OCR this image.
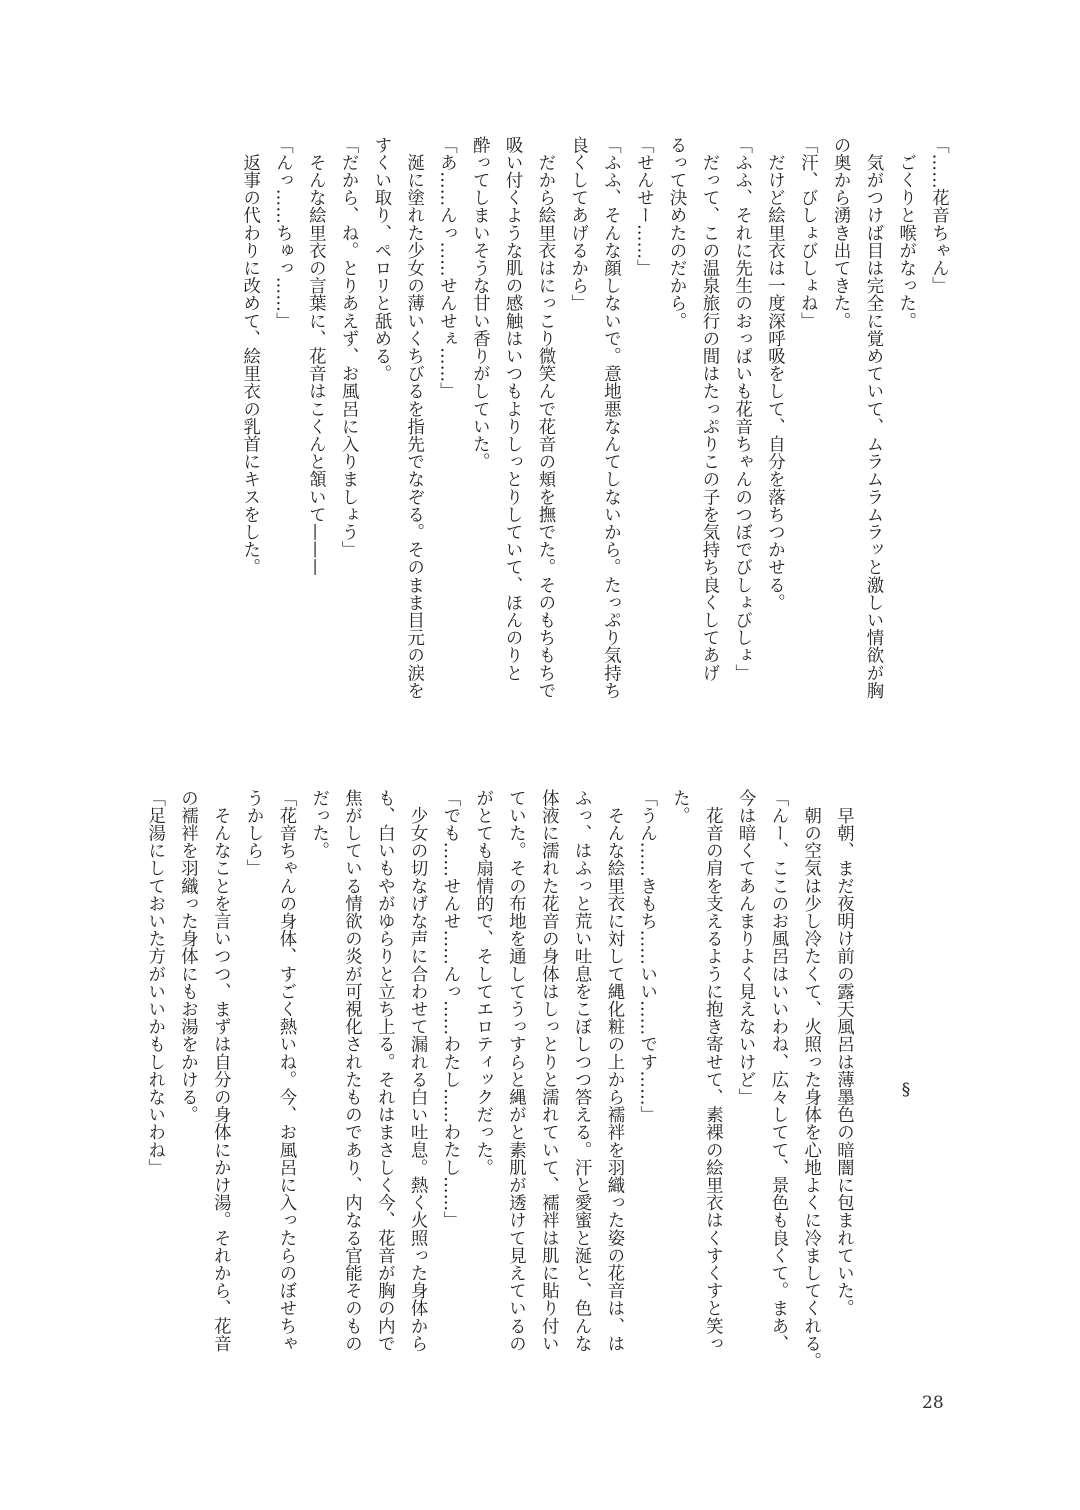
「……花音ちゃん」
　ごくりと喉がなった。
　気がつけば目は完全に覚めていて、ムラムラムラッと激しい情欲が胸
の奥から湧き出てきた。
「汗、びしょびしょね」
　だけど絵里衣は一度深呼吸をして、自分を落ちつかせる。
「ふふ、それに先生のおっぱいも花音ちゃんのつぼでびしょびしょ」
　だって、この温泉旅行の間はたっぷりこの子を気持ち良くしてあげ
るって決めたのだから。
「せんせー……」
「ふふ、そんな顔しないで。意地悪なんてしないから。たっぷり気持ち
良くしてあげるから」
　だから絵里衣はにっこり微笑んで花音の頬を撫でた。そのもちもちで
吸い付くような肌の感触はいつもよりしっとりしていて、ほんのりと
酔ってしまいそうな甘い香りがしていた。
「あ……んっ……せんせぇ……」
　涎に塗れた少女の薄いくちびるを指先でなぞる。そのまま目元の涙を
すくい取り、ペロリと舐める。
「だから、ね。とりあえず、お風呂に入りましょう」
　そんな絵里衣の言葉に、花音はこくんと頷いて———
「んっ……ちゅっ……」
　返事の代わりに改めて、絵里衣の乳首にキスをした。
§
　早朝、まだ夜明け前の露天風呂は薄墨色の暗闇に包まれていた。
　朝の空気は少し冷たくて、火照った身体を心地よくに冷ましてくれる。
「んー、ここのお風呂はいいわね、広々してて、景色も良くて。まあ、
今は暗くてあんまりよく見えないけど」
　花音の肩を支えるように抱き寄せて、素裸の絵里衣はくすくすと笑っ
た。
「うん……きもち……いい……です……」
　そんな絵里衣に対して縄化粧の上から襦袢を羽織った姿の花音は、は
ふっ、はふっと荒い吐息をこぼしつつ答える。汗と愛蜜と涎と、色んな
体液に濡れた花音の身体はしっとりと濡れていて、襦袢は肌に貼り付い
ていた。その布地を通してうっすらと縄がと素肌が透けて見えているの
がとても扇情的で、そしてエロティックだった。
「でも……せんせ……んっ……わたし……わたし……」
　少女の切なげな声に合わせて漏れる白い吐息。熱く火照った身体から
も、白いもやがゆらりと立ち上る。それはまさしく今、花音が胸の内で
焦がしている情欲の炎が可視化されたものであり、内なる官能そのもの
だった。
「花音ちゃんの身体、すごく熱いね。今、お風呂に入ったらのぼせちゃ
うかしら」
　そんなことを言いつつ、まずは自分の身体にかけ湯。それから、花音
の襦袢を羽織った身体にもお湯をかける。
「足湯にしておいた方がいいかもしれないわね」
28
